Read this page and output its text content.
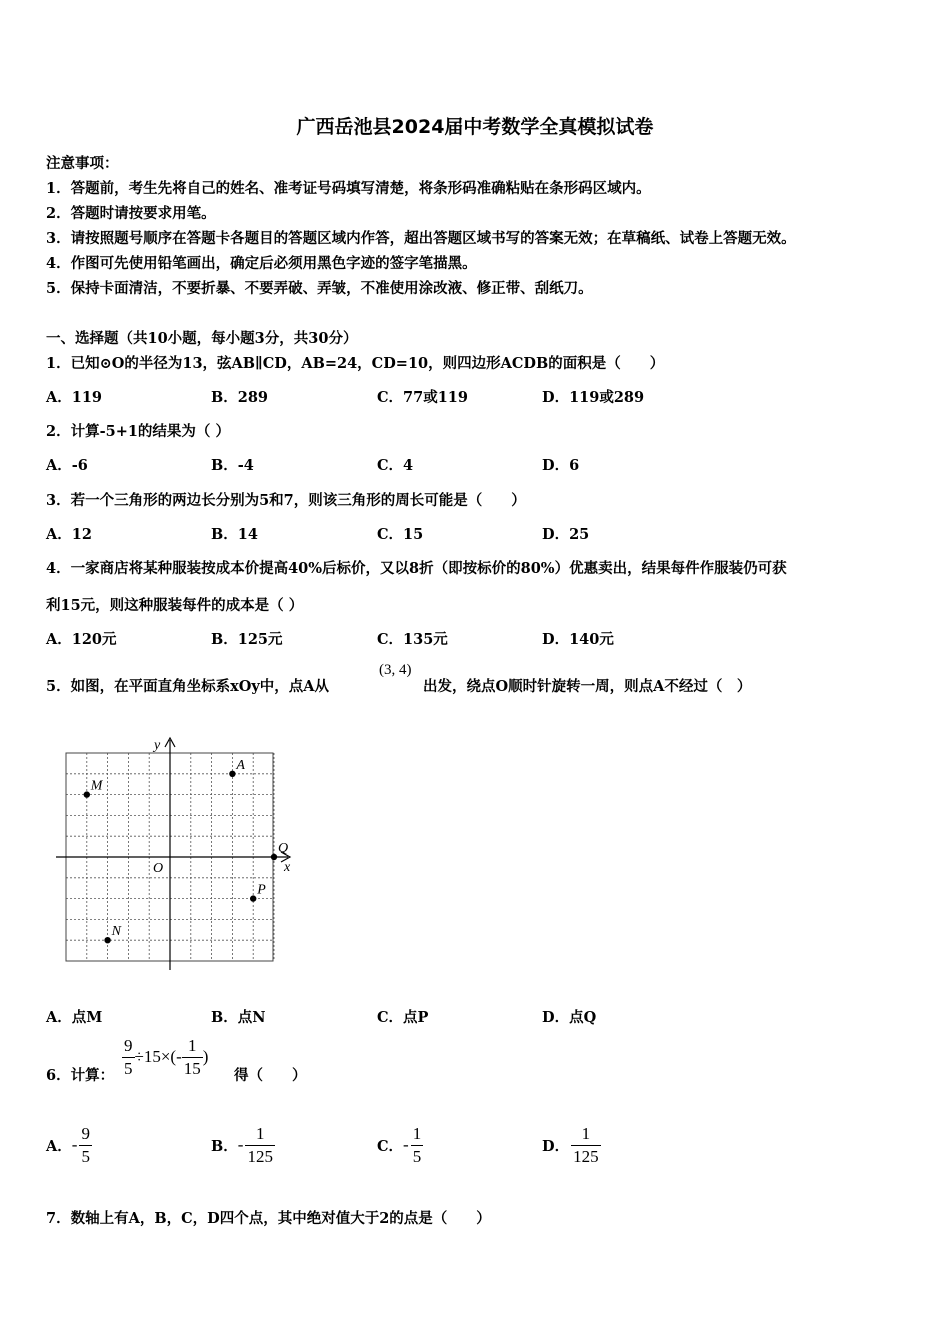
广西岳池县2024届中考数学全真模拟试卷
注意事项：
1．答题前，考生先将自己的姓名、准考证号码填写清楚，将条形码准确粘贴在条形码区域内。
2．答题时请按要求用笔。
3．请按照题号顺序在答题卡各题目的答题区域内作答，超出答题区域书写的答案无效；在草稿纸、试卷上答题无效。
4．作图可先使用铅笔画出，确定后必须用黑色字迹的签字笔描黑。
5．保持卡面清洁，不要折暴、不要弄破、弄皱，不准使用涂改液、修正带、刮纸刀。
一、选择题（共10小题，每小题3分，共30分）
1．已知⊙O的半径为13，弦AB∥CD，AB=24，CD=10，则四边形ACDB的面积是（　　）
A．119	B．289	C．77或119	D．119或289
2．计算-5+1的结果为（ ）
A．-6	B．-4	C．4	D．6
3．若一个三角形的两边长分别为5和7，则该三角形的周长可能是（　　）
A．12	B．14	C．15	D．25
4．一家商店将某种服装按成本价提高40%后标价，又以8折（即按标价的80%）优惠卖出，结果每件作服装仍可获
利15元，则这种服装每件的成本是（ ）
A．120元	B．125元	C．135元	D．140元
5．如图，在平面直角坐标系xOy中，点A从
(3, 4)
出发，绕点O顺时针旋转一周，则点A不经过（　）
x
y
O
A
M
Q
P
N
A．点M	B．点N	C．点P	D．点Q
6．计算： $\frac{9}{5} \div 15\times(- \frac{1}{15}$ )
得（　　）
A． - $\frac{9}{5}$	B． - $\frac{1}{125}$	C． - $\frac{1}{5}$	D． $\frac{1}{125}$
7．数轴上有A，B，C，D四个点，其中绝对值大于2的点是（　　）
